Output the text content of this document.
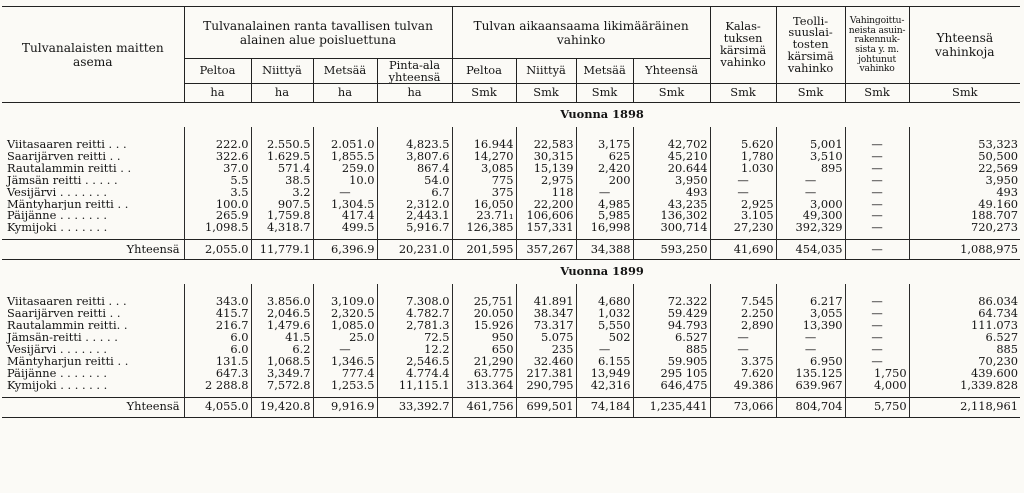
Tulvanalaisten maitten asema	Tulvanalainen ranta tavallisen tulvan alainen alue poisluettuna				Tulvan aikaansaama likimääräinen vahinko				Kalas- tuksen kärsimä vahinko	Teolli- suuslai- tosten kärsimä vahinko	Vahingoittu- neista asuin- rakennuk- sista y. m. johtunut vahinko	Yhteensä vahinkoja
	Peltoa	Niittyä	Metsää	Pinta-ala yhteensä	Peltoa	Niittyä	Metsää	Yhteensä				
	ha	ha	ha	ha	Smk	Smk	Smk	Smk	Smk	Smk	Smk	Smk
	Vuonna 1898											

Viitasaaren reitti . . .	222.0	2.550.5	2.051.0	4,823.5	16.944	22,583	3,175	42,702	5.620	5,001	—	53,323
Saarijärven reitti . .	322.6	1.629.5	1,855.5	3,807.6	14,270	30,315	625	45,210	1,780	3,510	—	50,500
Rautalammin reitti . .	37.0	571.4	259.0	867.4	3,085	15,139	2,420	20.644	1.030	895	—	22,569
Jämsän reitti . . . . .	5.5	38.5	10.0	54.0	775	2,975	200	3,950	—	—	—	3,950
Vesijärvi . . . . . . .	3.5	3.2	—	6.7	375	118	—	493	—	—	—	493
Mäntyharjun reitti . .	100.0	907.5	1,304.5	2,312.0	16,050	22,200	4,985	43,235	2,925	3,000	—	49.160
Päijänne . . . . . . .	265.9	1,759.8	417.4	2,443.1	23.71₁	106,606	5,985	136,302	3.105	49,300	—	188.707
Kymijoki . . . . . . .	1,098.5	4,318.7	499.5	5,916.7	126,385	157,331	16,998	300,714	27,230	392,329	—	720,273

Yhteensä	2,055.0	11,779.1	6,396.9	20,231.0	201,595	357,267	34,388	593,250	41,690	454,035	—	1,088,975
	Vuonna 1899											

Viitasaaren reitti . . .	343.0	3.856.0	3,109.0	7.308.0	25,751	41.891	4,680	72.322	7.545	6.217	—	86.034
Saarijärven reitti . .	415.7	2,046.5	2,320.5	4.782.7	20.050	38.347	1,032	59.429	2.250	3,055	—	64.734
Rautalammin reitti. .	216.7	1,479.6	1,085.0	2,781.3	15.926	73.317	5,550	94.793	2,890	13,390	—	111.073
Jämsän-reitti . . . . .	6.0	41.5	25.0	72.5	950	5.075	502	6.527	—	—	—	6.527
Vesijärvi . . . . . . .	6.0	6.2	—	12.2	650	235	—	885	—	—	—	885
Mäntyharjun reitti . .	131.5	1,068.5	1,346.5	2,546.5	21,290	32.460	6.155	59.905	3.375	6.950	—	70,230
Päijänne . . . . . . .	647.3	3,349.7	777.4	4.774.4	63.775	217.381	13,949	295 105	7.620	135.125	1,750	439.600
Kymijoki . . . . . . .	2 288.8	7,572.8	1,253.5	11,115.1	313.364	290,795	42,316	646,475	49.386	639.967	4,000	1,339.828

Yhteensä	4,055.0	19,420.8	9,916.9	33,392.7	461,756	699,501	74,184	1,235,441	73,066	804,704	5,750	2,118,961
